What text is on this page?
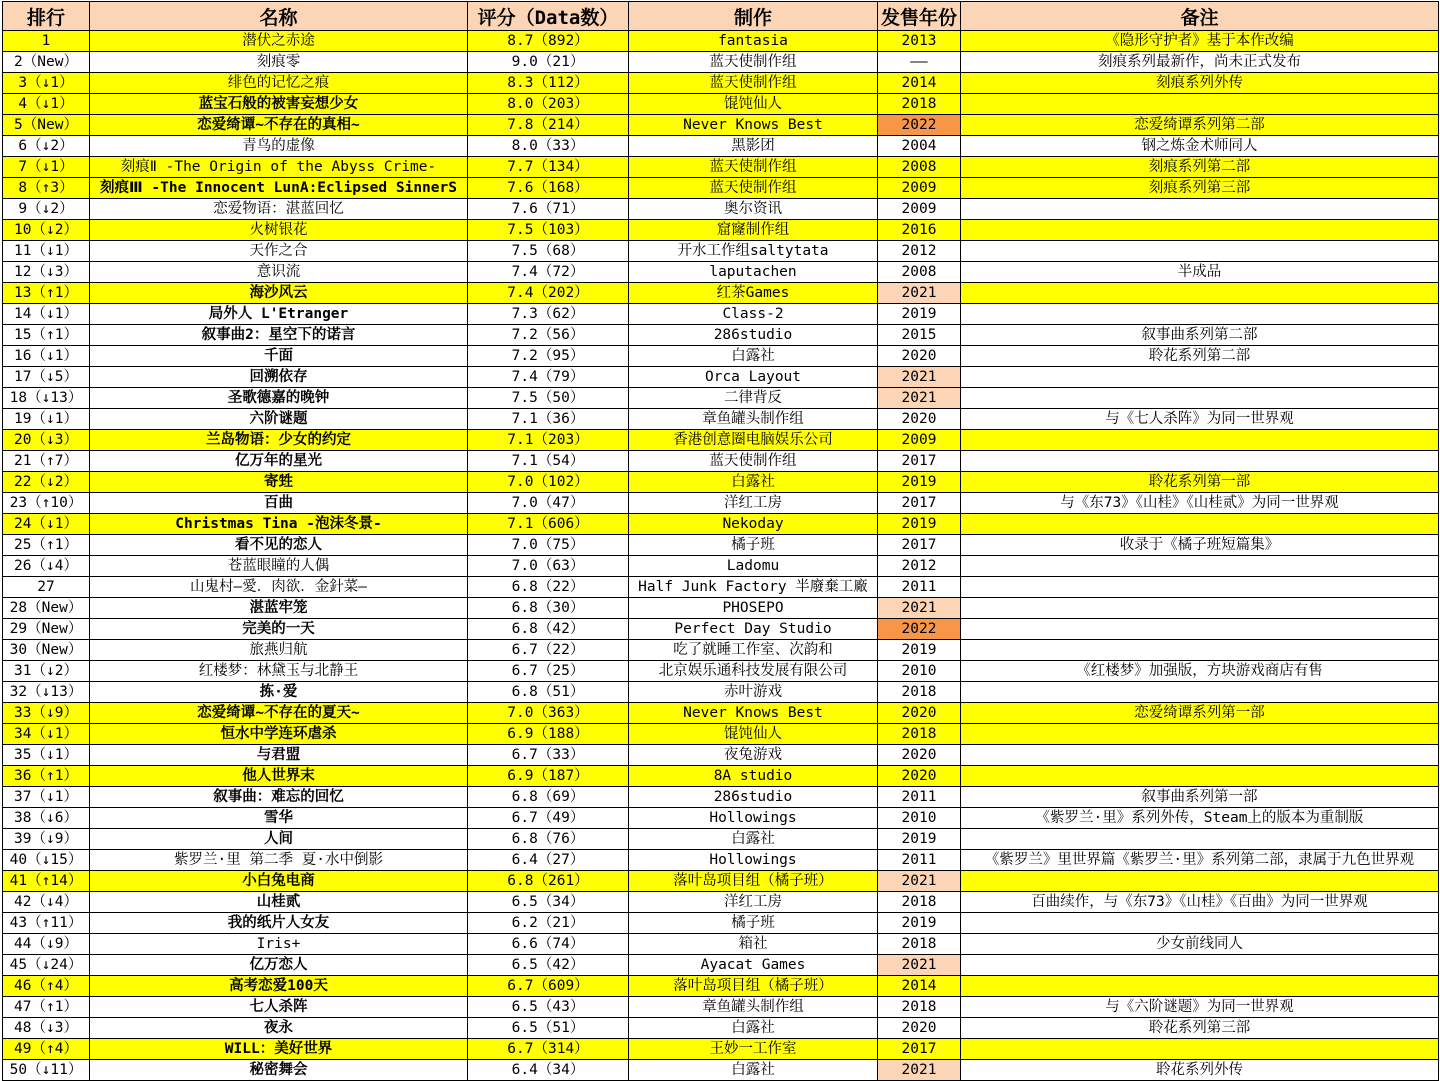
排行	名称	评分（Data数）	制作	发售年份	备注
1	潜伏之赤途	8.7（892）	fantasia	2013	《隐形守护者》基于本作改编
2（New）	刻痕零	9.0（21）	蓝天使制作组	——	刻痕系列最新作，尚未正式发布
3（↓1）	绯色的记忆之痕	8.3（112）	蓝天使制作组	2014	刻痕系列外传
4（↓1）	蓝宝石般的被害妄想少女	8.0（203）	馄饨仙人	2018	
5（New）	恋爱绮谭~不存在的真相~	7.8（214）	Never Knows Best	2022	恋爱绮谭系列第二部
6（↓2）	青鸟的虚像	8.0（33）	黑影团	2004	钢之炼金术师同人
7（↓1）	刻痕Ⅱ -The Origin of the Abyss Crime-	7.7（134）	蓝天使制作组	2008	刻痕系列第二部
8（↑3）	刻痕Ⅲ -The Innocent LunA:Eclipsed SinnerS	7.6（168）	蓝天使制作组	2009	刻痕系列第三部
9（↓2）	恋爱物语：湛蓝回忆	7.6（71）	奥尔资讯	2009	
10（↓2）	火树银花	7.5（103）	窟窿制作组	2016	
11（↓1）	天作之合	7.5（68）	开水工作组saltytata	2012	
12（↓3）	意识流	7.4（72）	laputachen	2008	半成品
13（↑1）	海沙风云	7.4（202）	红茶Games	2021	
14（↓1）	局外人 L'Etranger	7.3（62）	Class-2	2019	
15（↑1）	叙事曲2：星空下的诺言	7.2（56）	286studio	2015	叙事曲系列第二部
16（↓1）	千面	7.2（95）	白露社	2020	聆花系列第二部
17（↓5）	回溯依存	7.4（79）	Orca Layout	2021	
18（↓13）	圣歌德嘉的晚钟	7.5（50）	二律背反	2021	
19（↓1）	六阶谜题	7.1（36）	章鱼罐头制作组	2020	与《七人杀阵》为同一世界观
20（↓3）	兰岛物语：少女的约定	7.1（203）	香港创意圈电脑娱乐公司	2009	
21（↑7）	亿万年的星光	7.1（54）	蓝天使制作组	2017	
22（↓2）	寄甡	7.0（102）	白露社	2019	聆花系列第一部
23（↑10）	百曲	7.0（47）	洋红工房	2017	与《东73》《山桂》《山桂贰》为同一世界观
24（↓1）	Christmas Tina -泡沫冬景-	7.1（606）	Nekoday	2019	
25（↑1）	看不见的恋人	7.0（75）	橘子班	2017	收录于《橘子班短篇集》
26（↓4）	苍蓝眼瞳的人偶	7.0（63）	Ladomu	2012	
27	山鬼村—愛．肉欲．金針菜—	6.8（22）	Half Junk Factory 半廢棄工廠	2011	
28（New）	湛蓝牢笼	6.8（30）	PHOSEPO	2021	
29（New）	完美的一天	6.8（42）	Perfect Day Studio	2022	
30（New）	旅燕归航	6.7（22）	吃了就睡工作室、次韵和	2019	
31（↓2）	红楼梦：林黛玉与北静王	6.7（25）	北京娱乐通科技发展有限公司	2010	《红楼梦》加强版，方块游戏商店有售
32（↓13）	拣·爱	6.8（51）	赤叶游戏	2018	
33（↓9）	恋爱绮谭~不存在的夏天~	7.0（363）	Never Knows Best	2020	恋爱绮谭系列第一部
34（↓1）	恒水中学连环虐杀	6.9（188）	馄饨仙人	2018	
35（↓1）	与君盟	6.7（33）	夜兔游戏	2020	
36（↑1）	他人世界末	6.9（187）	8A studio	2020	
37（↓1）	叙事曲：难忘的回忆	6.8（69）	286studio	2011	叙事曲系列第一部
38（↓6）	雪华	6.7（49）	Hollowings	2010	《紫罗兰·里》系列外传，Steam上的版本为重制版
39（↓9）	人间	6.8（76）	白露社	2019	
40（↓15）	紫罗兰·里 第二季 夏·水中倒影	6.4（27）	Hollowings	2011	《紫罗兰》里世界篇《紫罗兰·里》系列第二部，隶属于九色世界观
41（↑14）	小白兔电商	6.8（261）	落叶岛项目组（橘子班）	2021	
42（↓4）	山桂贰	6.5（34）	洋红工房	2018	百曲续作，与《东73》《山桂》《百曲》为同一世界观
43（↑11）	我的纸片人女友	6.2（21）	橘子班	2019	
44（↓9）	Iris+	6.6（74）	箱社	2018	少女前线同人
45（↓24）	亿万恋人	6.5（42）	Ayacat Games	2021	
46（↑4）	高考恋爱100天	6.7（609）	落叶岛项目组（橘子班）	2014	
47（↑1）	七人杀阵	6.5（43）	章鱼罐头制作组	2018	与《六阶谜题》为同一世界观
48（↓3）	夜永	6.5（51）	白露社	2020	聆花系列第三部
49（↑4）	WILL：美好世界	6.7（314）	王妙一工作室	2017	
50（↓11）	秘密舞会	6.4（34）	白露社	2021	聆花系列外传
